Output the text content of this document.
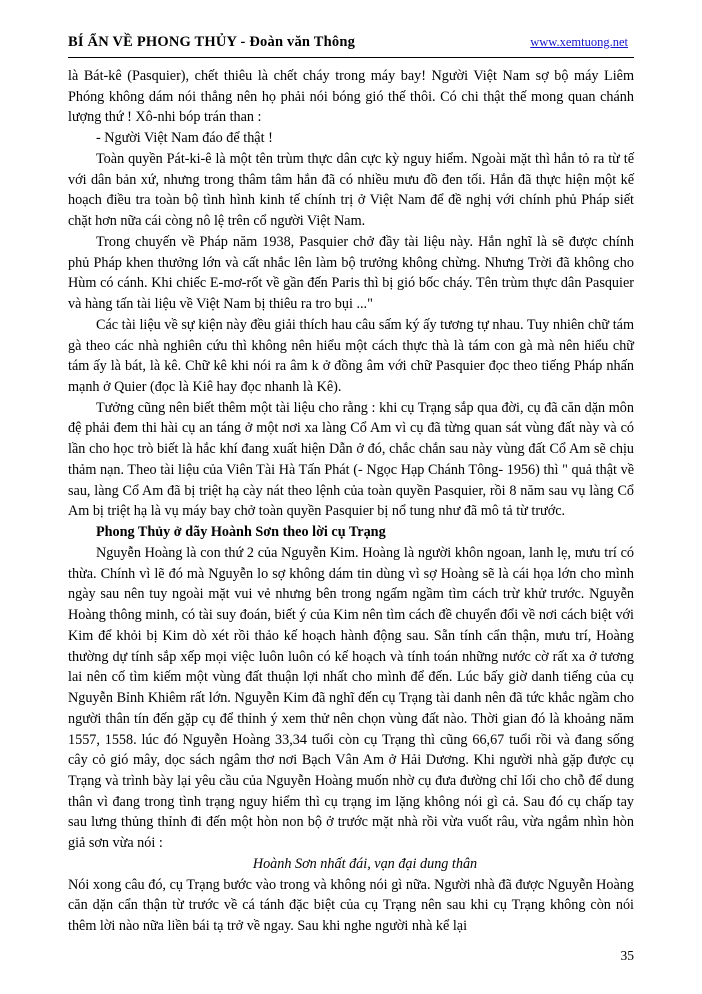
BÍ ẨN VỀ PHONG THỦY - Đoàn văn Thông	www.xemtuong.net

là Bát-kê (Pasquier), chết thiêu là chết cháy trong máy bay! Người Việt Nam sợ bộ máy Liêm Phóng không dám nói thẳng nên họ phải nói bóng gió thế thôi. Có chi thật thế mong quan chánh lượng thứ ! Xô-nhi bóp trán than :

- Người Việt Nam đáo để thật !

Toàn quyền Pát-ki-ê là một tên trùm thực dân cực kỳ nguy hiểm. Ngoài mặt thì hắn tỏ ra từ tế với dân bản xứ, nhưng trong thâm tâm hắn đã có nhiều mưu đồ đen tối. Hắn đã thực hiện một kế hoạch điều tra toàn bộ tình hình kinh tế chính trị ở Việt Nam để đề nghị với chính phủ Pháp siết chặt hơn nữa cái còng nô lệ trên cổ người Việt Nam.

Trong chuyến về Pháp năm 1938, Pasquier chở đầy tài liệu này. Hắn nghĩ là sẽ được chính phủ Pháp khen thưởng lớn và cất nhắc lên làm bộ trưởng không chừng. Nhưng Trời đã không cho Hùm có cánh. Khi chiếc E-mơ-rốt về gần đến Paris thì bị gió bốc cháy. Tên trùm thực dân Pasquier và hàng tấn tài liệu về Việt Nam bị thiêu ra tro bụi ..."

Các tài liệu về sự kiện này đều giải thích hau câu sấm ký ấy tương tự nhau. Tuy nhiên chữ tám gà theo các nhà nghiên cứu thì không nên hiểu một cách thực thà là tám con gà mà nên hiểu chữ tám ấy là bát, là kê. Chữ kê khi nói ra âm k ở đồng âm với chữ Pasquier đọc theo tiếng Pháp nhấn mạnh ở Quier (đọc là Kiê hay đọc nhanh là Kê).

Tưởng cũng nên biết thêm một tài liệu cho rằng : khi cụ Trạng sắp qua đời, cụ đã căn dặn môn đệ phải đem thi hài cụ an táng ở một nơi xa làng Cổ Am vì cụ đã từng quan sát vùng đất này và có lần cho học trò biết là hắc khí đang xuất hiện Dẫn ở đó, chắc chắn sau này vùng đất Cổ Am sẽ chịu thảm nạn. Theo tài liệu của Viên Tài Hà Tấn Phát (- Ngọc Hạp Chánh Tông- 1956) thì " quả thật về sau, làng Cổ Am đã bị triệt hạ cày nát theo lệnh của toàn quyền Pasquier, rồi 8 năm sau vụ làng Cổ Am bị triệt hạ là vụ máy bay chở toàn quyền Pasquier bị nổ tung như đã mô tả từ trước.

Phong Thủy ở dãy Hoành Sơn theo lời cụ Trạng

Nguyễn Hoàng là con thứ 2 của Nguyễn Kim. Hoàng là người khôn ngoan, lanh lẹ, mưu trí có thừa. Chính vì lẽ đó mà Nguyễn lo sợ không dám tin dùng vì sợ Hoàng sẽ là cái họa lớn cho mình ngày sau nên tuy ngoài mặt vui vẻ nhưng bên trong ngấm ngầm tìm cách trừ khử trước. Nguyễn Hoàng thông minh, có tài suy đoán, biết ý của Kim nên tìm cách đề chuyển đổi về nơi cách biệt với Kim để khỏi bị Kim dò xét rồi thảo kế hoạch hành động sau. Sẵn tính cẩn thận, mưu trí, Hoàng thường dự tính sắp xếp mọi việc luôn luôn có kế hoạch và tính toán những nước cờ rất xa ở tương lai nên cố tìm kiếm một vùng đất thuận lợi nhất cho mình để đến. Lúc bấy giờ danh tiếng của cụ Nguyễn Bỉnh Khiêm rất lớn. Nguyễn Kim đã nghĩ đến cụ Trạng tài danh nên đã tức khắc ngầm cho người thân tín đến gặp cụ để thỉnh ý xem thử nên chọn vùng đất nào. Thời gian đó là khoảng năm 1557, 1558. lúc đó Nguyễn Hoàng 33,34 tuổi còn cụ Trạng thì cũng 66,67 tuổi rồi và đang sống cây cỏ gió mây, dọc sách ngâm thơ nơi Bạch Vân Am ở Hải Dương. Khi người nhà gặp được cụ Trạng và trình bày lại yêu cầu của Nguyễn Hoàng muốn nhờ cụ đưa đường chỉ lối cho chỗ để dung thân vì đang trong tình trạng nguy hiểm thì cụ trạng im lặng không nói gì cả. Sau đó cụ chấp tay sau lưng thủng thỉnh đi đến một hòn non bộ ở trước mặt nhà rồi vừa vuốt râu, vừa ngắm nhìn hòn giả sơn vừa nói :

Hoành Sơn nhất đái, vạn đại dung thân

Nói xong câu đó, cụ Trạng bước vào trong và không nói gì nữa. Người nhà đã được Nguyễn Hoàng căn dặn cẩn thận từ trước về cá tánh đặc biệt của cụ Trạng nên sau khi cụ Trạng không còn nói thêm lời nào nữa liền bái tạ trở về ngay. Sau khi nghe người nhà kể lại

35
